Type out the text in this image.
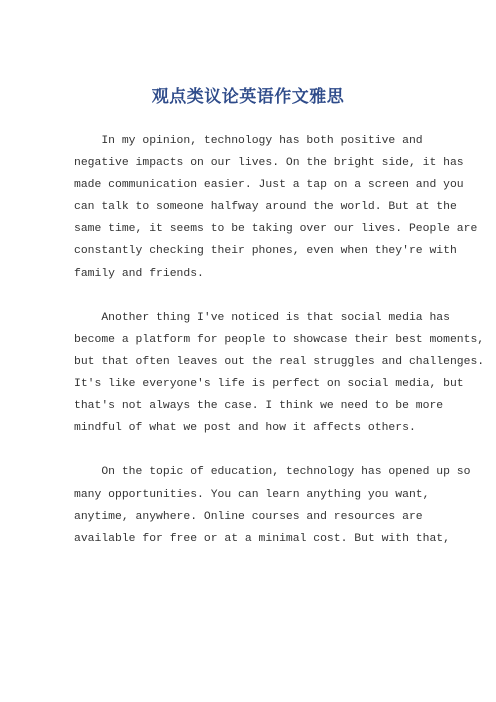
观点类议论英语作文雅思
In my opinion, technology has both positive and
negative impacts on our lives. On the bright side, it has
made communication easier. Just a tap on a screen and you
can talk to someone halfway around the world. But at the
same time, it seems to be taking over our lives. People are
constantly checking their phones, even when they're with
family and friends.
Another thing I've noticed is that social media has
become a platform for people to showcase their best moments,
but that often leaves out the real struggles and challenges.
It's like everyone's life is perfect on social media, but
that's not always the case. I think we need to be more
mindful of what we post and how it affects others.
On the topic of education, technology has opened up so
many opportunities. You can learn anything you want,
anytime, anywhere. Online courses and resources are
available for free or at a minimal cost. But with that,
